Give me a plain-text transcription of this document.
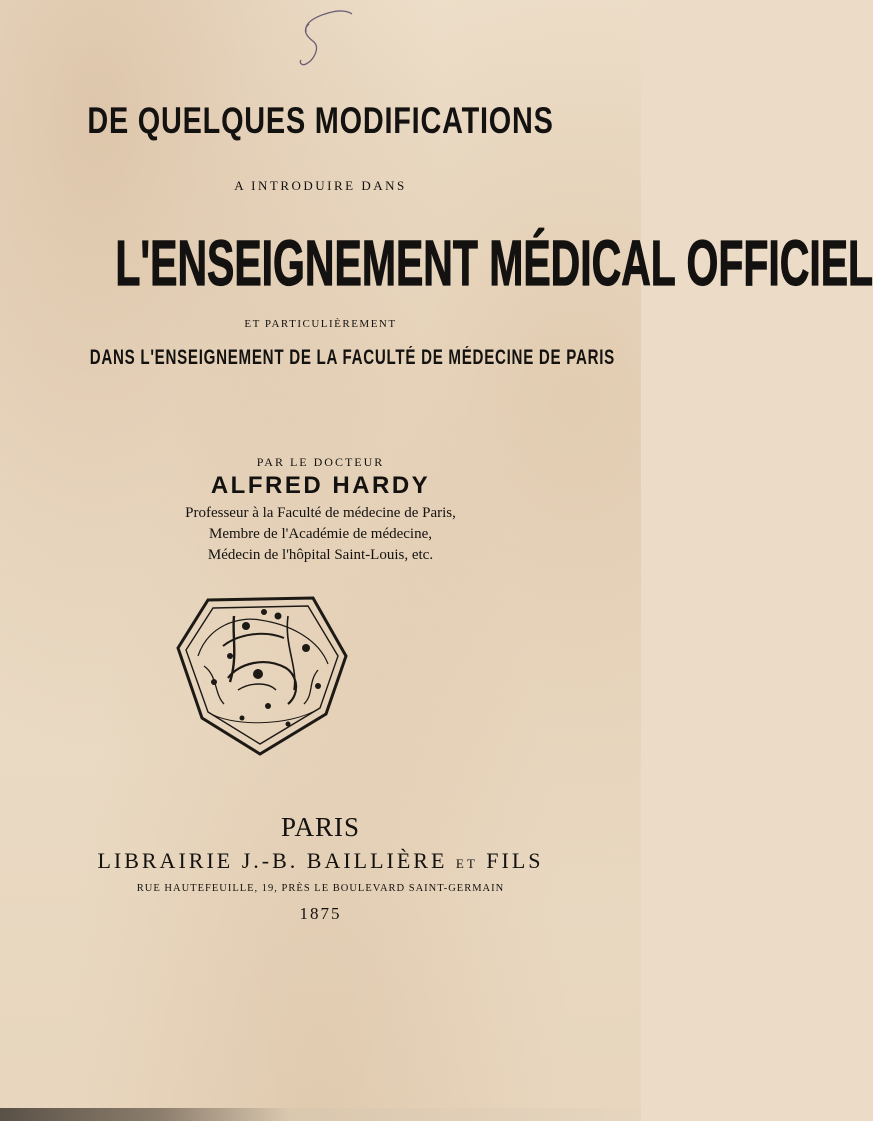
DE QUELQUES MODIFICATIONS
A INTRODUIRE DANS
L'ENSEIGNEMENT MÉDICAL OFFICIEL
ET PARTICULIÈREMENT
DANS L'ENSEIGNEMENT DE LA FACULTÉ DE MÉDECINE DE PARIS
PAR LE DOCTEUR
ALFRED HARDY
Professeur à la Faculté de médecine de Paris,
Membre de l'Académie de médecine,
Médecin de l'hôpital Saint-Louis, etc.
PARIS
LIBRAIRIE J.-B. BAILLIÈRE ET FILS
RUE HAUTEFEUILLE, 19, PRÈS LE BOULEVARD SAINT-GERMAIN
1875
